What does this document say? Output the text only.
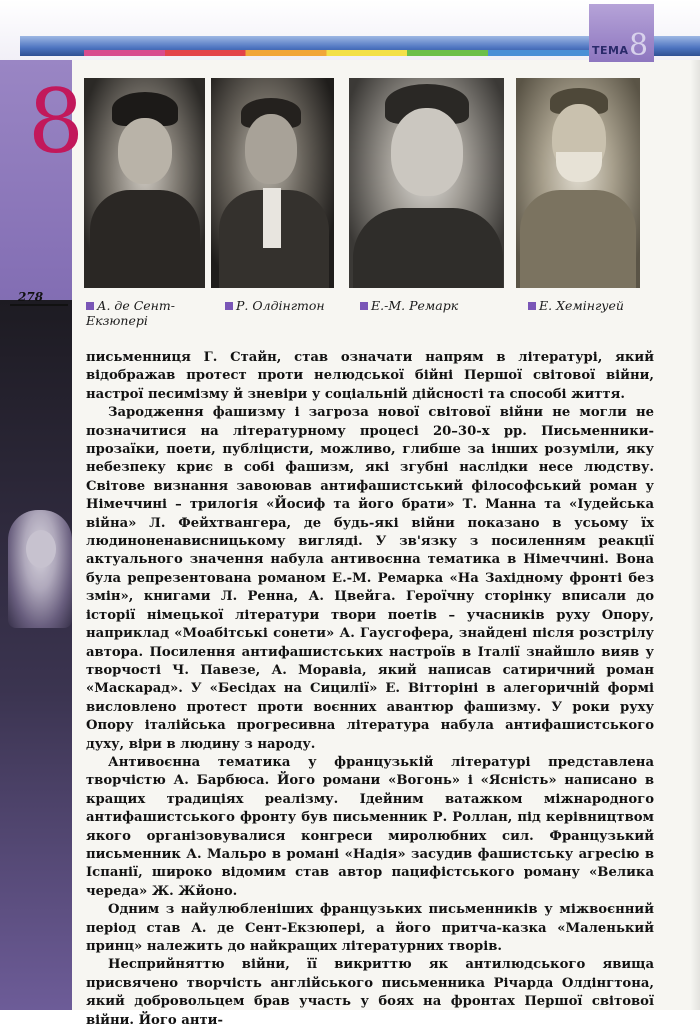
8
ТЕМА
8
278
А. де Сент-
Екзюпері
Р. Олдінгтон	Е.-М. Ремарк	Е. Хемінгуей

письменниця Г. Стайн, став означати напрям в літературі, який відображав протест проти нелюдської бійні Першої світової війни, настрої песимізму й зневіри у соціальній дійсності та способі життя.

Зародження фашизму і загроза нової світової війни не могли не позначитися на літературному процесі 20–30-х рр. Письменники-прозаїки, поети, публіцисти, можливо, глибше за інших розуміли, яку небезпеку криє в собі фашизм, які згубні наслідки несе людству. Світове визнання завоював антифашистський філософський роман у Німеччині – трилогія «Йосиф та його брати» Т. Манна та «Іудейська війна» Л. Фейхтвангера, де будь-які війни показано в усьому їх людиноненависницькому вигляді. У зв'язку з посиленням реакції актуального значення набула антивоєнна тематика в Німеччині. Вона була репрезентована романом Е.-М. Ремарка «На Західному фронті без змін», книгами Л. Ренна, А. Цвейга. Героїчну сторінку вписали до історії німецької літератури твори поетів – учасників руху Опору, наприклад «Моабітські сонети» А. Гаусгофера, знайдені після розстрілу автора. Посилення антифашистських настроїв в Італії знайшло вияв у творчості Ч. Павезе, А. Моравіа, який написав сатиричний роман «Маскарад». У «Бесідах на Сицилії» Е. Вітторіні в алегоричній формі висловлено протест проти воєнних авантюр фашизму. У роки руху Опору італійська прогресивна література набула антифашистського духу, віри в людину з народу.

Антивоєнна тематика у французькій літературі представлена творчістю А. Барбюса. Його романи «Вогонь» і «Ясність» написано в кращих традиціях реалізму. Ідейним ватажком міжнародного антифашистського фронту був письменник Р. Роллан, під керівництвом якого організовувалися конгреси миролюбних сил. Французький письменник А. Мальро в романі «Надія» засудив фашистську агресію в Іспанії, широко відомим став автор пацифістського роману «Велика череда» Ж. Жйоно.

Одним з найулюбленіших французьких письменників у міжвоєнний період став А. де Сент-Екзюпері, а його притча-казка «Маленький принц» належить до найкращих літературних творів.

Несприйняттю війни, її викриттю як антилюдського явища присвячено творчість англійського письменника Річарда Олдінгтона, який добровольцем брав участь у боях на фронтах Першої світової війни. Його анти-
